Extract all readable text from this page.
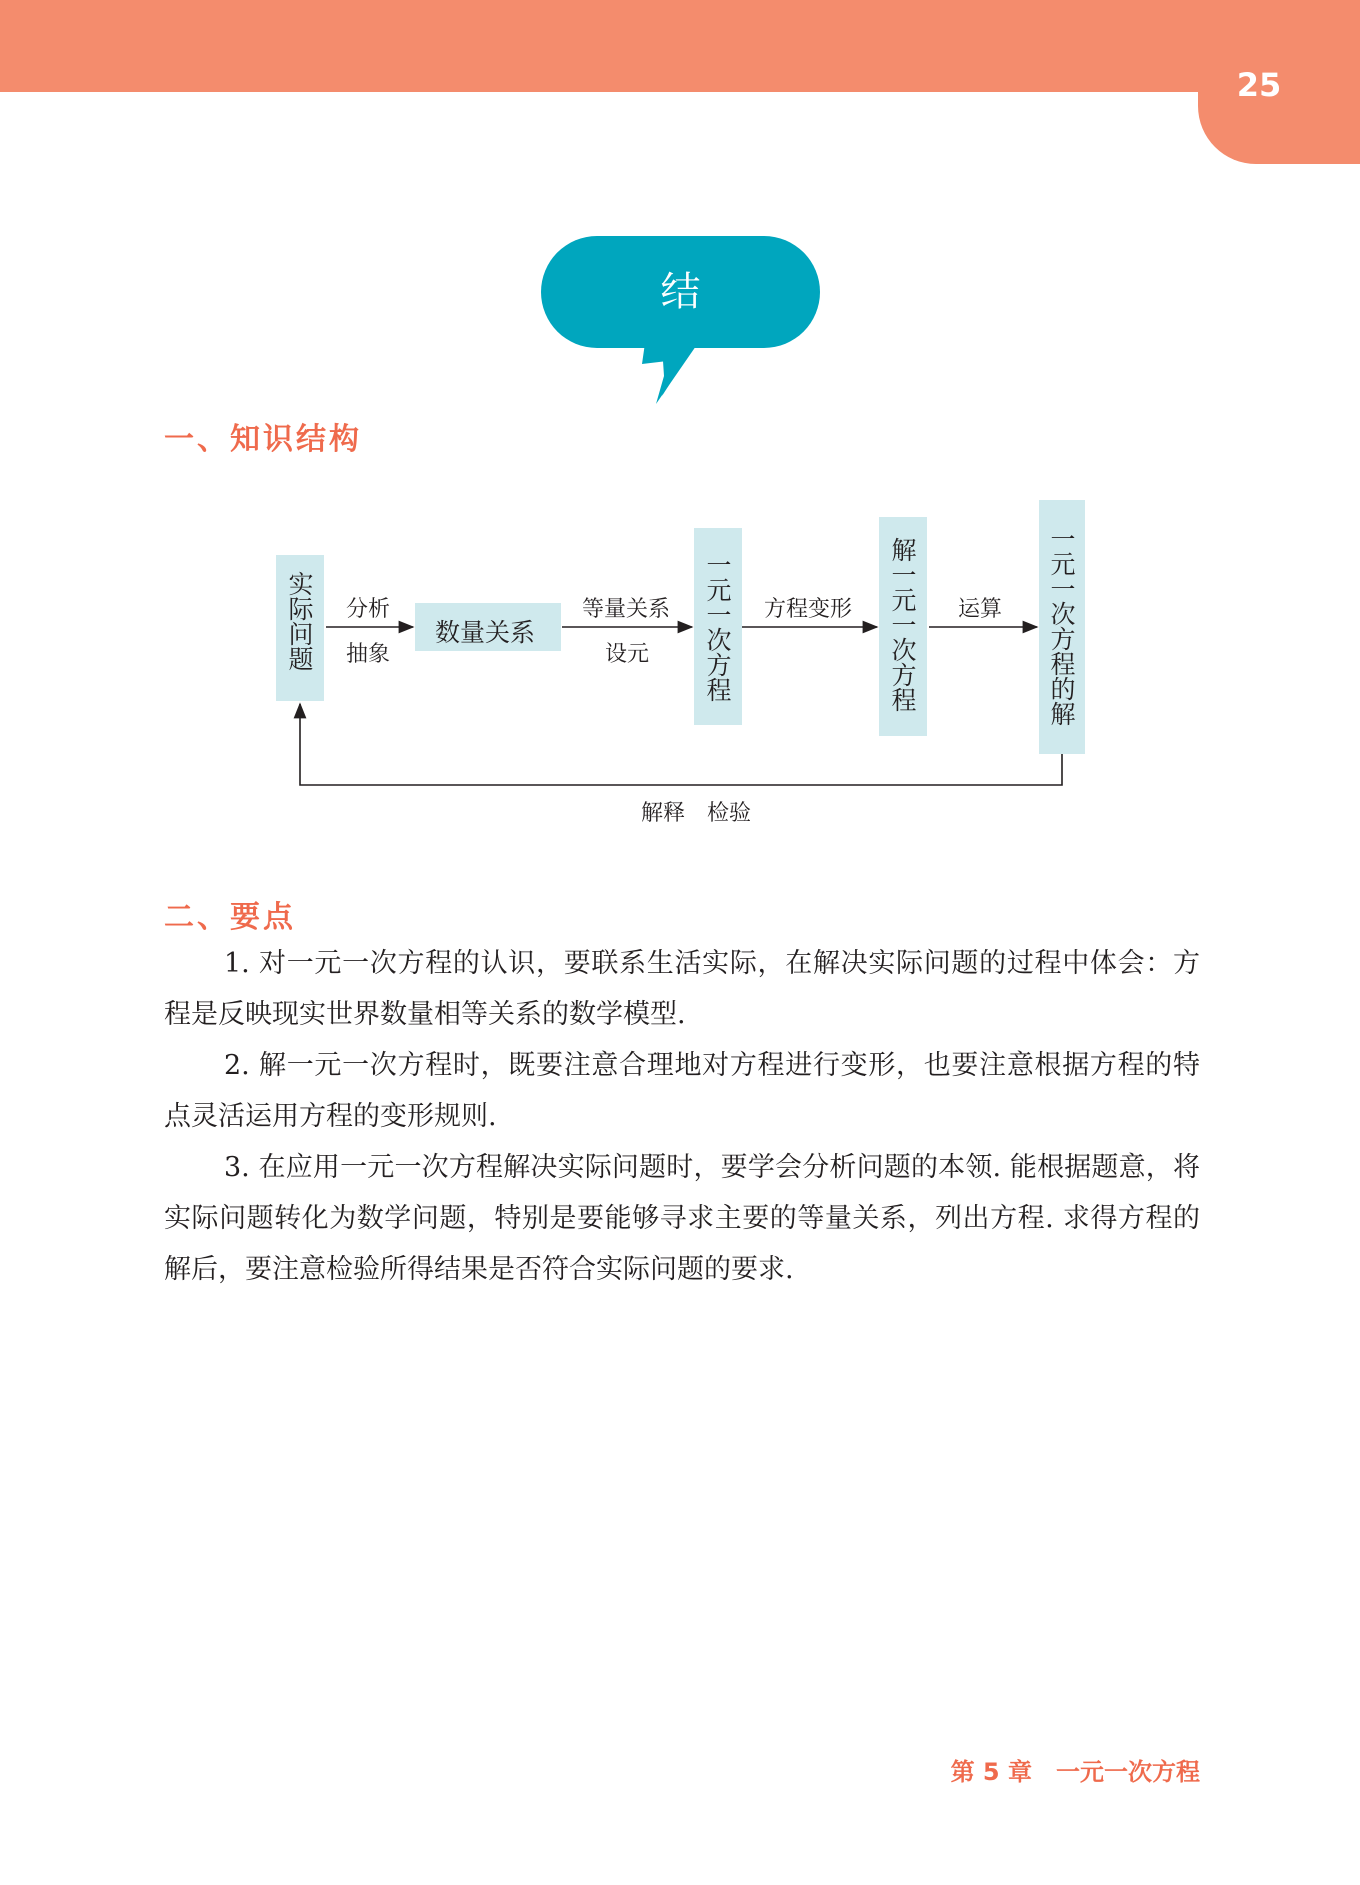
25
结
一、知识结构
实际问题	数量关系	一元一次方程	解一元一次方程	一元一次方程的解
分析
抽象
等量关系
设元
方程变形	运算
解释　检验
二、要点

1. 对一元一次方程的认识，要联系生活实际，在解决实际问题的过程中体会：方程是反映现实世界数量相等关系的数学模型.

2. 解一元一次方程时，既要注意合理地对方程进行变形，也要注意根据方程的特点灵活运用方程的变形规则.

3. 在应用一元一次方程解决实际问题时，要学会分析问题的本领. 能根据题意，将实际问题转化为数学问题，特别是要能够寻求主要的等量关系，列出方程. 求得方程的解后，要注意检验所得结果是否符合实际问题的要求.

第 5 章　一元一次方程
